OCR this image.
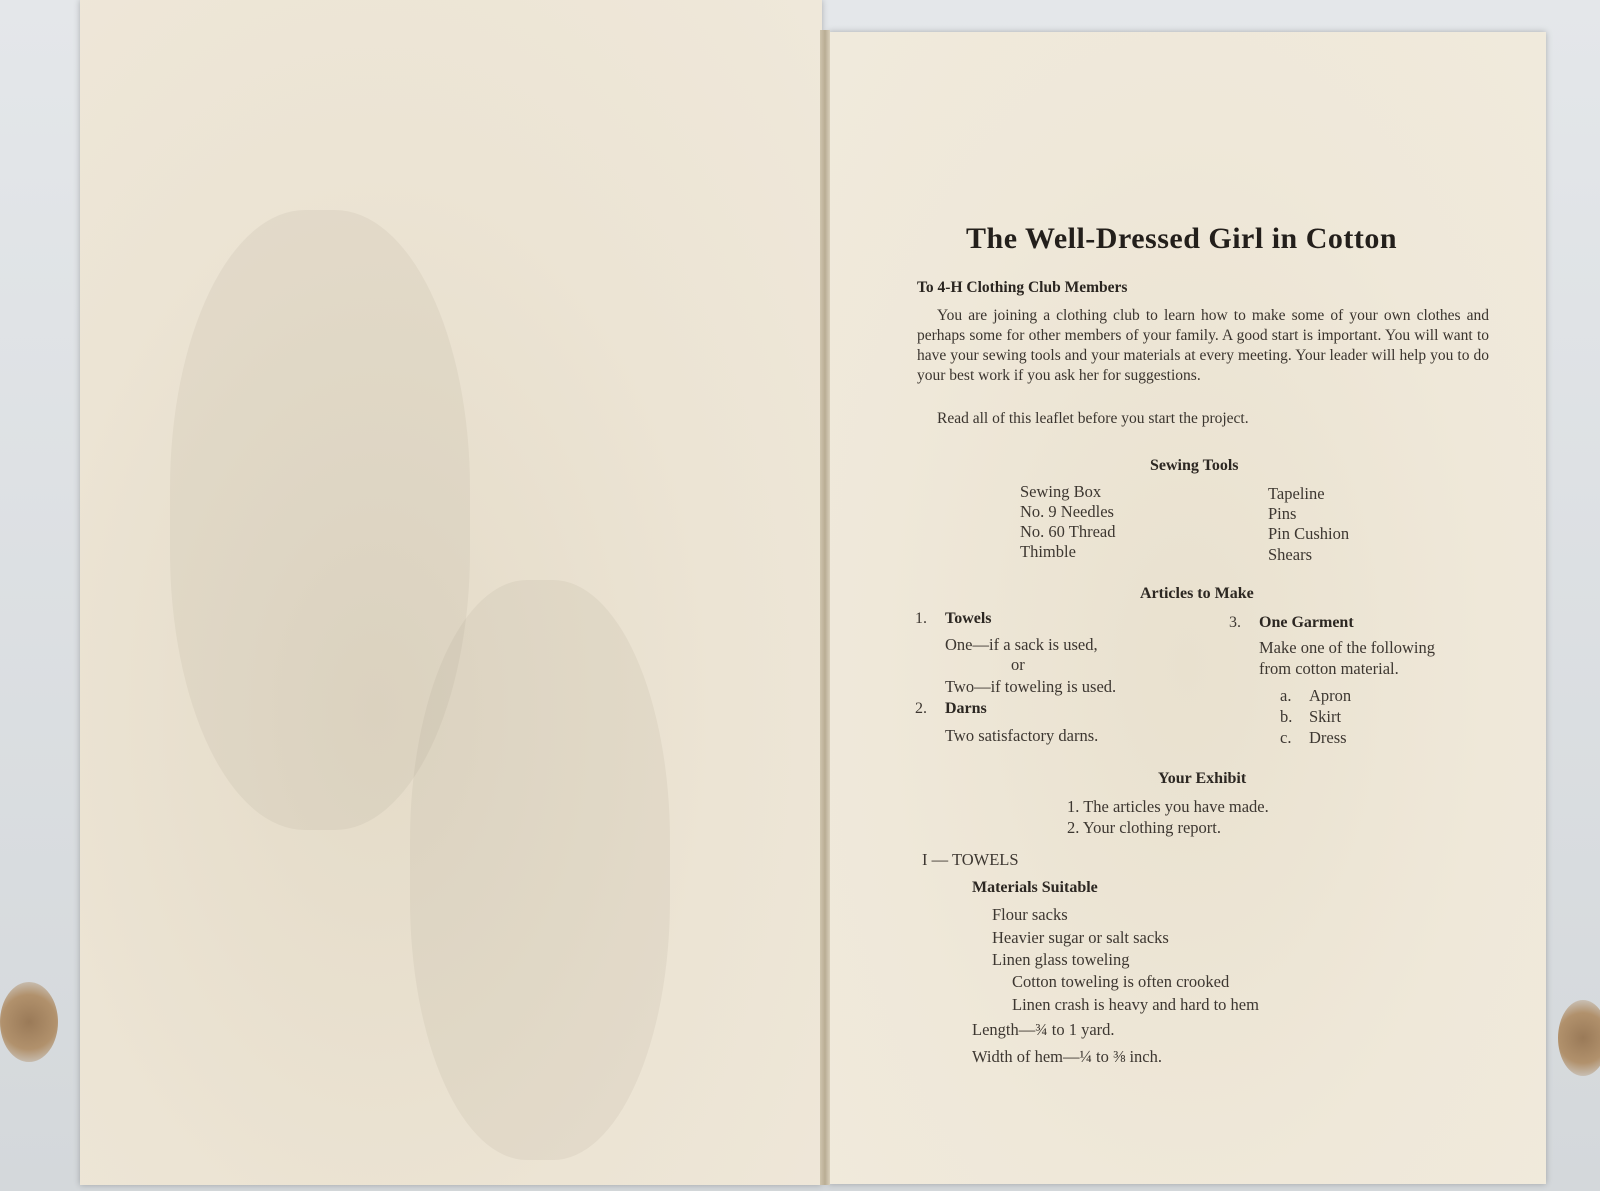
The Well-Dressed Girl in Cotton
To 4-H Clothing Club Members
You are joining a clothing club to learn how to make some of your own clothes and perhaps some for other members of your family. A good start is important. You will want to have your sewing tools and your materials at every meeting. Your leader will help you to do your best work if you ask her for suggestions.
Read all of this leaflet before you start the project.
Sewing Tools
Sewing Box
No. 9 Needles
No. 60 Thread
Thimble
Tapeline
Pins
Pin Cushion
Shears
Articles to Make
1. Towels
One—if a sack is used,
or
Two—if toweling is used.
2. Darns
Two satisfactory darns.
3. One Garment
Make one of the following
from cotton material.
a. Apron
b. Skirt
c. Dress
Your Exhibit
1. The articles you have made.
2. Your clothing report.
I — TOWELS
Materials Suitable
Flour sacks
Heavier sugar or salt sacks
Linen glass toweling
Cotton toweling is often crooked
Linen crash is heavy and hard to hem
Length—¾ to 1 yard.
Width of hem—¼ to ⅜ inch.
